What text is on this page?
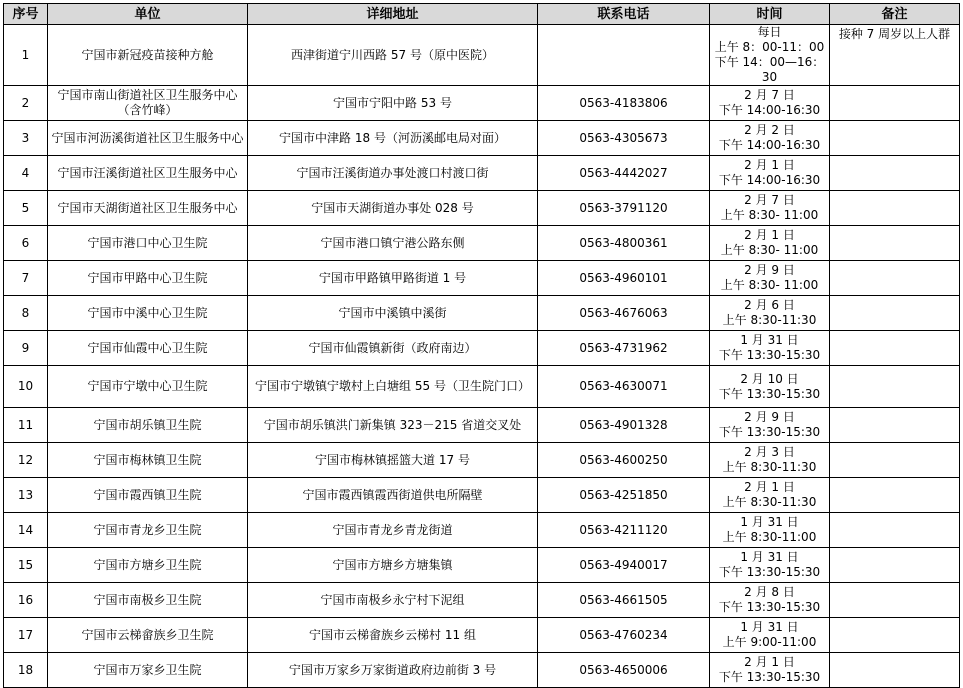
序号	单位	详细地址	联系电话	时间	备注
1	宁国市新冠疫苗接种方舱	西津街道宁川西路 57 号（原中医院）		每日
上午 8：00-11：00
下午 14：00—16：30	接种 7 周岁以上人群
2	宁国市南山街道社区卫生服务中心（含竹峰）	宁国市宁阳中路 53 号	0563-4183806	2 月 7 日
下午 14:00-16:30	

3	宁国市河沥溪街道社区卫生服务中心	宁国市中津路 18 号（河沥溪邮电局对面）	0563-4305673	2 月 2 日
下午 14:00-16:30	

4	宁国市汪溪街道社区卫生服务中心	宁国市汪溪街道办事处渡口村渡口街	0563-4442027	2 月 1 日
下午 14:00-16:30	

5	宁国市天湖街道社区卫生服务中心	宁国市天湖街道办事处 028 号	0563-3791120	2 月 7 日
上午 8:30- 11:00	

6	宁国市港口中心卫生院	宁国市港口镇宁港公路东侧	0563-4800361	2 月 1 日
上午 8:30- 11:00	

7	宁国市甲路中心卫生院	宁国市甲路镇甲路街道 1 号	0563-4960101	2 月 9 日
上午 8:30- 11:00	

8	宁国市中溪中心卫生院	宁国市中溪镇中溪街	0563-4676063	2 月 6 日
上午 8:30-11:30	

9	宁国市仙霞中心卫生院	宁国市仙霞镇新街（政府南边）	0563-4731962	1 月 31 日
下午 13:30-15:30	

10	宁国市宁墩中心卫生院	宁国市宁墩镇宁墩村上白塘组 55 号（卫生院门口）	0563-4630071	2 月 10 日
下午 13:30-15:30	

11	宁国市胡乐镇卫生院	宁国市胡乐镇洪门新集镇 323－215 省道交叉处	0563-4901328	2 月 9 日
下午 13:30-15:30	

12	宁国市梅林镇卫生院	宁国市梅林镇摇篮大道 17 号	0563-4600250	2 月 3 日
上午 8:30-11:30	

13	宁国市霞西镇卫生院	宁国市霞西镇霞西街道供电所隔壁	0563-4251850	2 月 1 日
上午 8:30-11:30	

14	宁国市青龙乡卫生院	宁国市青龙乡青龙街道	0563-4211120	1 月 31 日
上午 8:30-11:00	

15	宁国市方塘乡卫生院	宁国市方塘乡方塘集镇	0563-4940017	1 月 31 日
下午 13:30-15:30	

16	宁国市南极乡卫生院	宁国市南极乡永宁村下泥组	0563-4661505	2 月 8 日
下午 13:30-15:30	

17	宁国市云梯畲族乡卫生院	宁国市云梯畲族乡云梯村 11 组	0563-4760234	1 月 31 日
上午 9:00-11:00	

18	宁国市万家乡卫生院	宁国市万家乡万家街道政府边前街 3 号	0563-4650006	2 月 1 日
下午 13:30-15:30	
